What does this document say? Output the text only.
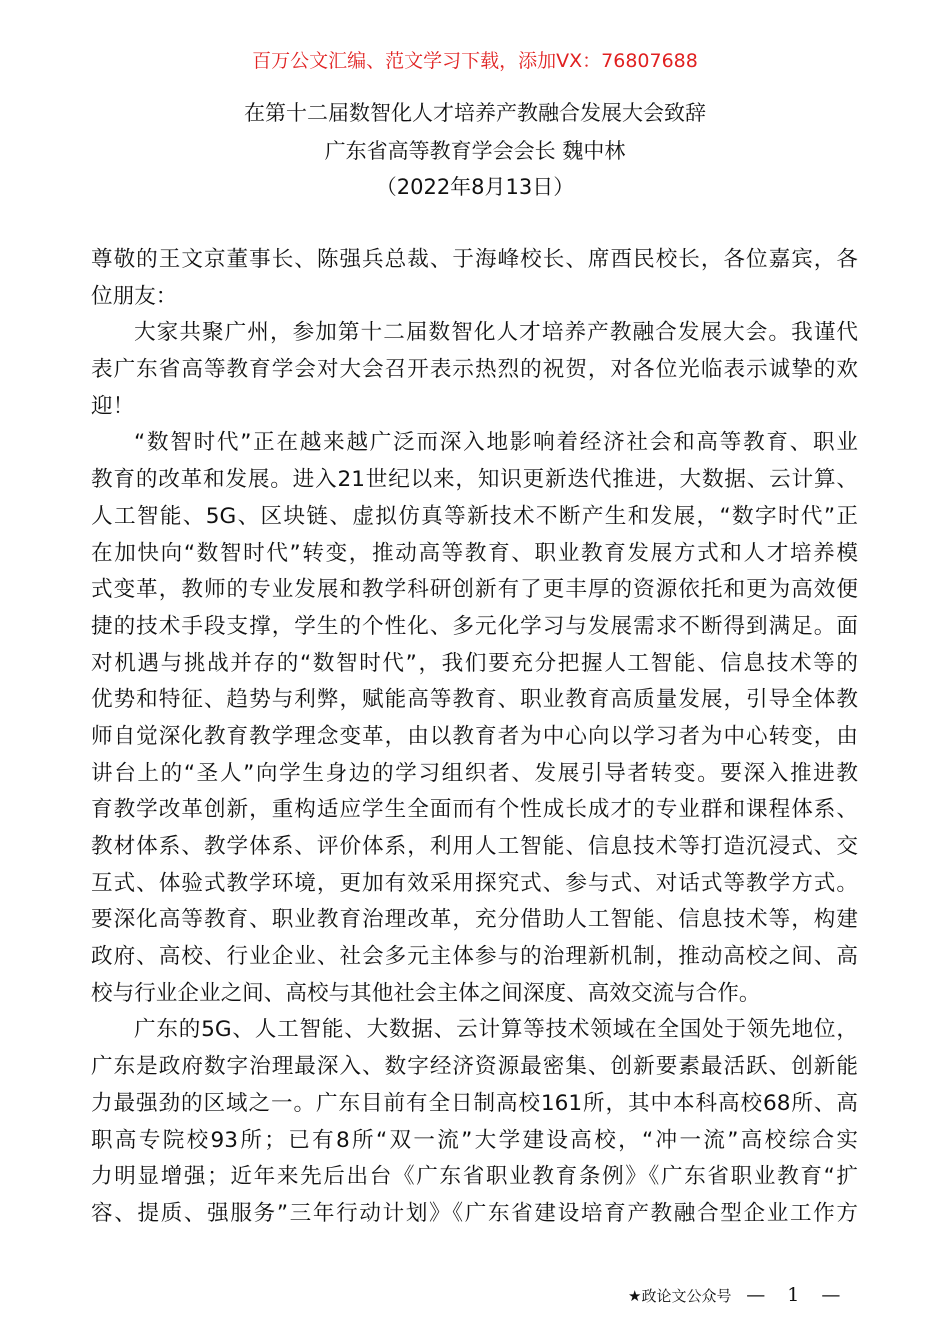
百万公文汇编、范文学习下载，添加VX：76807688
在第十二届数智化人才培养产教融合发展大会致辞
广东省高等教育学会会长 魏中林
（2022年8月13日）
尊敬的王文京董事长、陈强兵总裁、于海峰校长、席酉民校长，各位嘉宾，各
位朋友：
大家共聚广州，参加第十二届数智化人才培养产教融合发展大会。我谨代
表广东省高等教育学会对大会召开表示热烈的祝贺，对各位光临表示诚挚的欢
迎！
“数智时代”正在越来越广泛而深入地影响着经济社会和高等教育、职业
教育的改革和发展。进入21世纪以来，知识更新迭代推进，大数据、云计算、
人工智能、5G、区块链、虚拟仿真等新技术不断产生和发展，“数字时代”正
在加快向“数智时代”转变，推动高等教育、职业教育发展方式和人才培养模
式变革，教师的专业发展和教学科研创新有了更丰厚的资源依托和更为高效便
捷的技术手段支撑，学生的个性化、多元化学习与发展需求不断得到满足。面
对机遇与挑战并存的“数智时代”，我们要充分把握人工智能、信息技术等的
优势和特征、趋势与利弊，赋能高等教育、职业教育高质量发展，引导全体教
师自觉深化教育教学理念变革，由以教育者为中心向以学习者为中心转变，由
讲台上的“圣人”向学生身边的学习组织者、发展引导者转变。要深入推进教
育教学改革创新，重构适应学生全面而有个性成长成才的专业群和课程体系、
教材体系、教学体系、评价体系，利用人工智能、信息技术等打造沉浸式、交
互式、体验式教学环境，更加有效采用探究式、参与式、对话式等教学方式。
要深化高等教育、职业教育治理改革，充分借助人工智能、信息技术等，构建
政府、高校、行业企业、社会多元主体参与的治理新机制，推动高校之间、高
校与行业企业之间、高校与其他社会主体之间深度、高效交流与合作。
广东的5G、人工智能、大数据、云计算等技术领域在全国处于领先地位，
广东是政府数字治理最深入、数字经济资源最密集、创新要素最活跃、创新能
力最强劲的区域之一。广东目前有全日制高校161所，其中本科高校68所、高
职高专院校93所；已有8所“双一流”大学建设高校，“冲一流”高校综合实
力明显增强；近年来先后出台《广东省职业教育条例》《广东省职业教育“扩
容、提质、强服务”三年行动计划》《广东省建设培育产教融合型企业工作方
★政论文公众号 — 1 —
